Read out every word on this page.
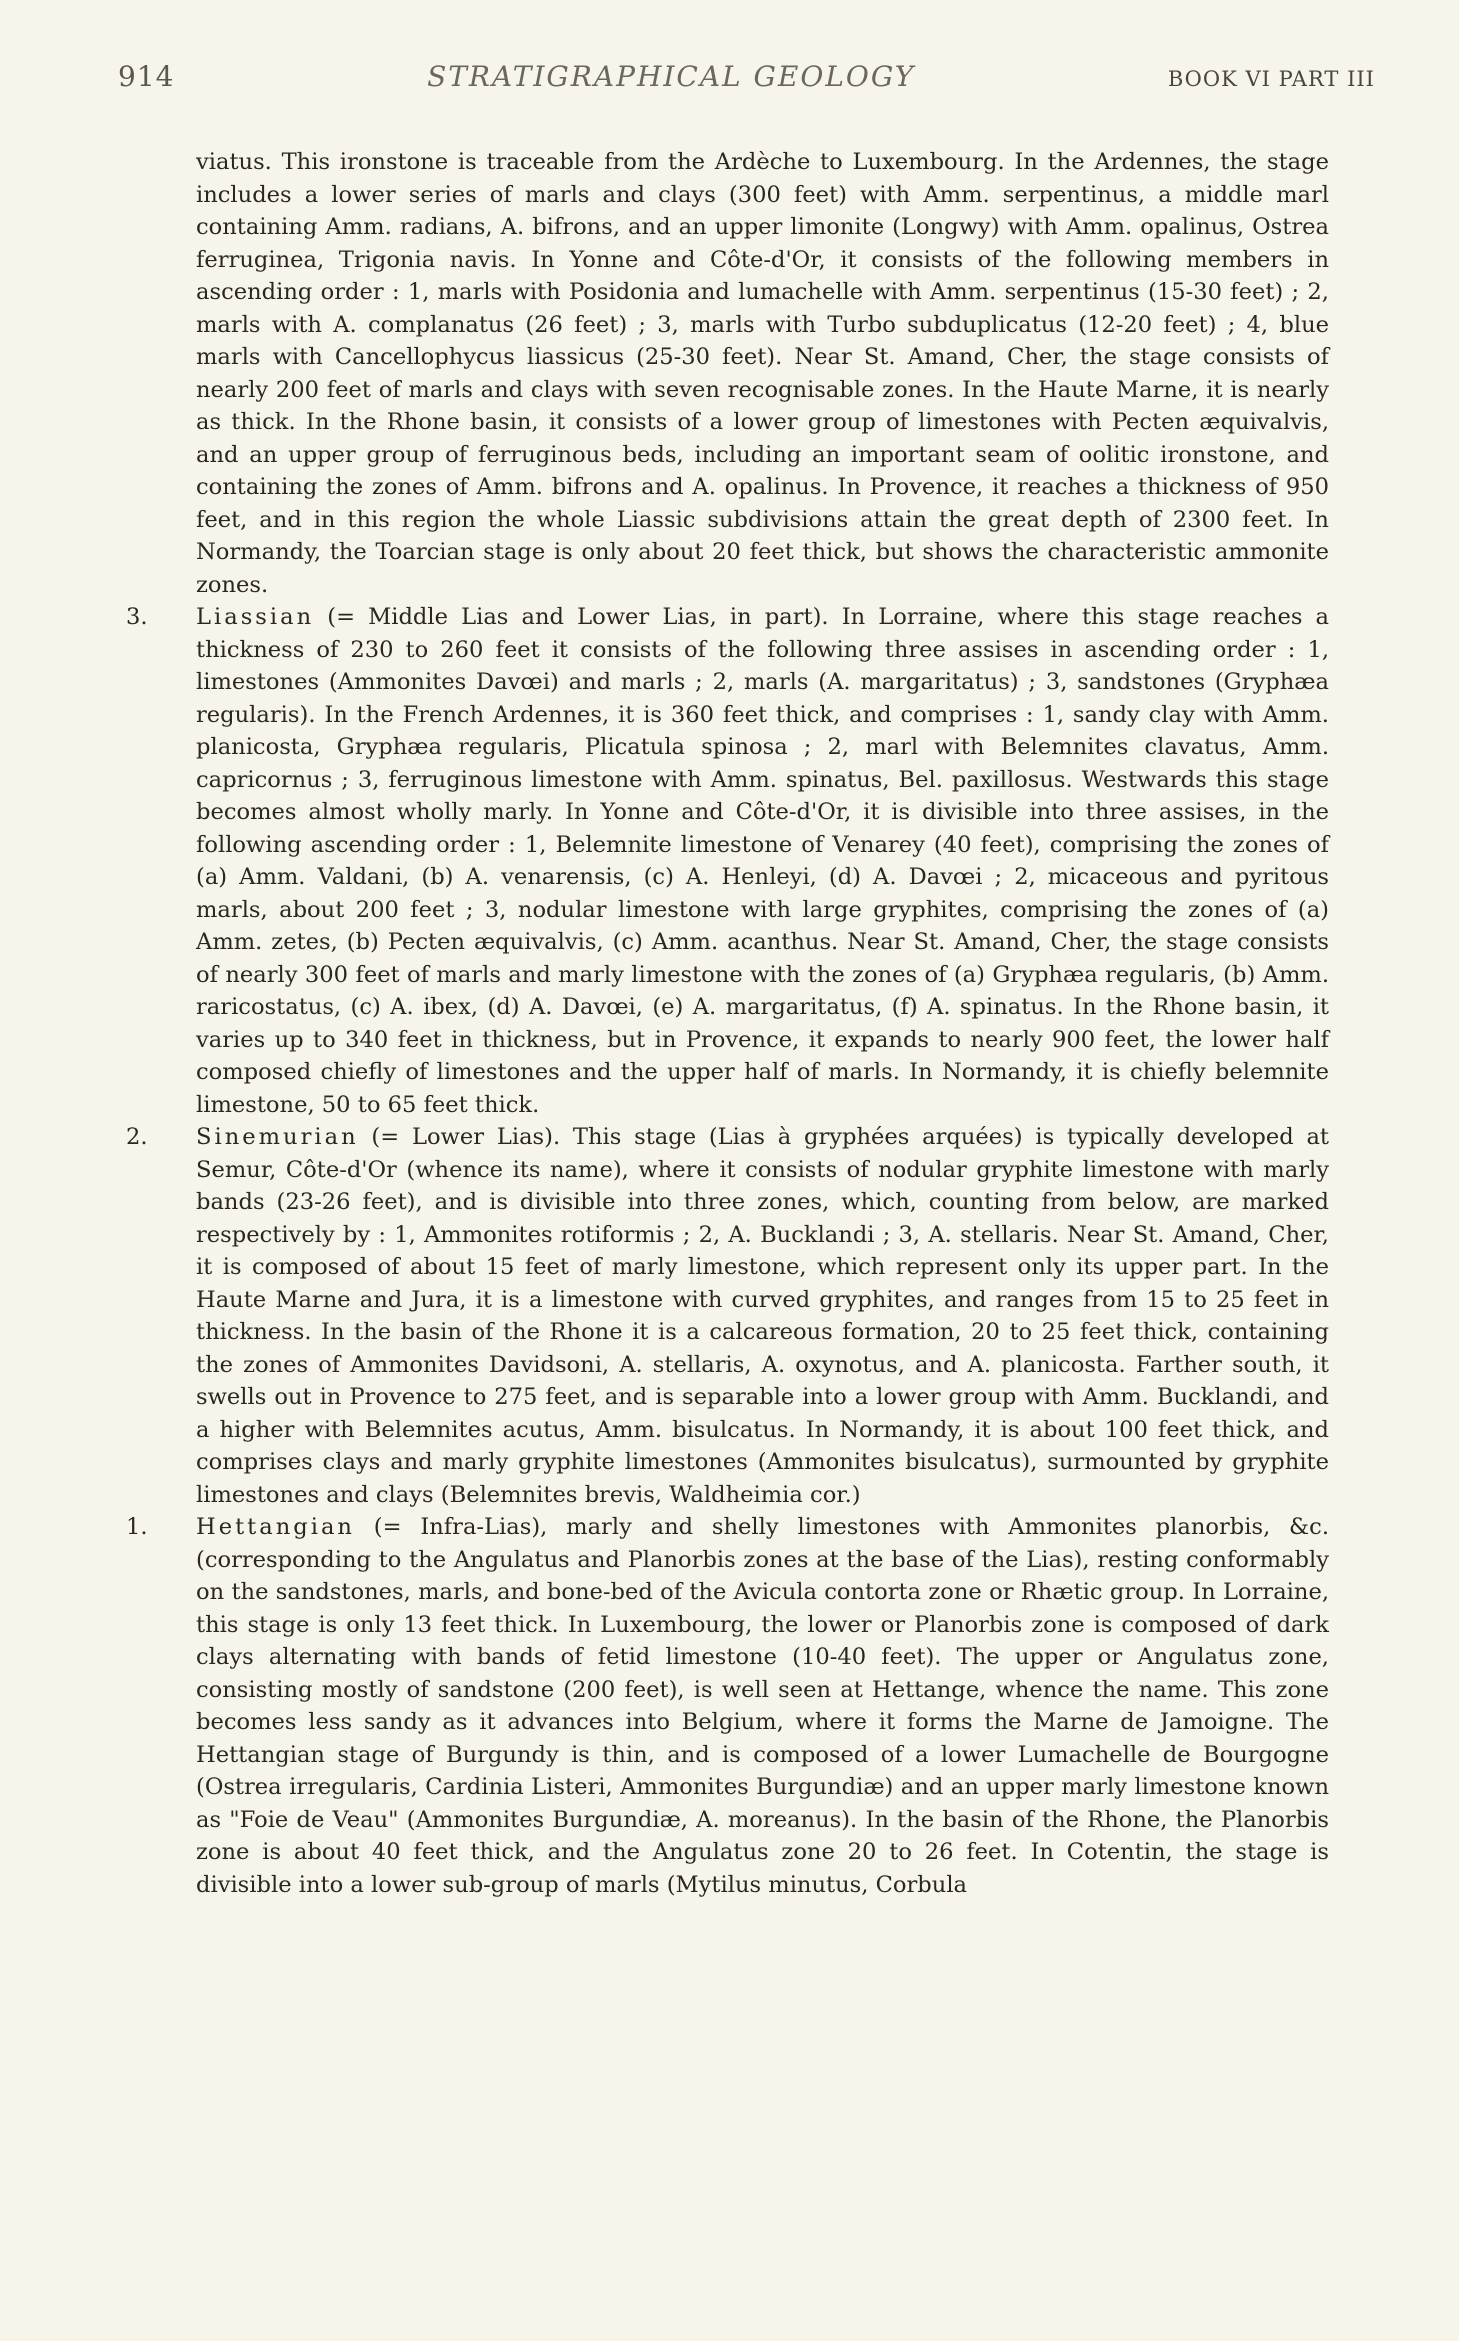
914	STRATIGRAPHICAL GEOLOGY	BOOK VI PART III

viatus. This ironstone is traceable from the Ardèche to Luxembourg. In the Ardennes, the stage includes a lower series of marls and clays (300 feet) with Amm. serpentinus, a middle marl containing Amm. radians, A. bifrons, and an upper limonite (Longwy) with Amm. opalinus, Ostrea ferruginea, Trigonia navis. In Yonne and Côte-d'Or, it consists of the following members in ascending order : 1, marls with Posidonia and lumachelle with Amm. serpentinus (15-30 feet) ; 2, marls with A. complanatus (26 feet) ; 3, marls with Turbo subduplicatus (12-20 feet) ; 4, blue marls with Cancellophycus liassicus (25-30 feet). Near St. Amand, Cher, the stage consists of nearly 200 feet of marls and clays with seven recognisable zones. In the Haute Marne, it is nearly as thick. In the Rhone basin, it consists of a lower group of limestones with Pecten æquivalvis, and an upper group of ferruginous beds, including an important seam of oolitic ironstone, and containing the zones of Amm. bifrons and A. opalinus. In Provence, it reaches a thickness of 950 feet, and in this region the whole Liassic subdivisions attain the great depth of 2300 feet. In Normandy, the Toarcian stage is only about 20 feet thick, but shows the characteristic ammonite zones.

3. Liassian (= Middle Lias and Lower Lias, in part). In Lorraine, where this stage reaches a thickness of 230 to 260 feet it consists of the following three assises in ascending order : 1, limestones (Ammonites Davœi) and marls ; 2, marls (A. margaritatus) ; 3, sandstones (Gryphæa regularis). In the French Ardennes, it is 360 feet thick, and comprises : 1, sandy clay with Amm. planicosta, Gryphæa regularis, Plicatula spinosa ; 2, marl with Belemnites clavatus, Amm. capricornus ; 3, ferruginous limestone with Amm. spinatus, Bel. paxillosus. Westwards this stage becomes almost wholly marly. In Yonne and Côte-d'Or, it is divisible into three assises, in the following ascending order : 1, Belemnite limestone of Venarey (40 feet), comprising the zones of (a) Amm. Valdani, (b) A. venarensis, (c) A. Henleyi, (d) A. Davœi ; 2, micaceous and pyritous marls, about 200 feet ; 3, nodular limestone with large gryphites, comprising the zones of (a) Amm. zetes, (b) Pecten æquivalvis, (c) Amm. acanthus. Near St. Amand, Cher, the stage consists of nearly 300 feet of marls and marly limestone with the zones of (a) Gryphæa regularis, (b) Amm. raricostatus, (c) A. ibex, (d) A. Davœi, (e) A. margaritatus, (f) A. spinatus. In the Rhone basin, it varies up to 340 feet in thickness, but in Provence, it expands to nearly 900 feet, the lower half composed chiefly of limestones and the upper half of marls. In Normandy, it is chiefly belemnite limestone, 50 to 65 feet thick.

2. Sinemurian (= Lower Lias). This stage (Lias à gryphées arquées) is typically developed at Semur, Côte-d'Or (whence its name), where it consists of nodular gryphite limestone with marly bands (23-26 feet), and is divisible into three zones, which, counting from below, are marked respectively by : 1, Ammonites rotiformis ; 2, A. Bucklandi ; 3, A. stellaris. Near St. Amand, Cher, it is composed of about 15 feet of marly limestone, which represent only its upper part. In the Haute Marne and Jura, it is a limestone with curved gryphites, and ranges from 15 to 25 feet in thickness. In the basin of the Rhone it is a calcareous formation, 20 to 25 feet thick, containing the zones of Ammonites Davidsoni, A. stellaris, A. oxynotus, and A. planicosta. Farther south, it swells out in Provence to 275 feet, and is separable into a lower group with Amm. Bucklandi, and a higher with Belemnites acutus, Amm. bisulcatus. In Normandy, it is about 100 feet thick, and comprises clays and marly gryphite limestones (Ammonites bisulcatus), surmounted by gryphite limestones and clays (Belemnites brevis, Waldheimia cor.)

1. Hettangian (= Infra-Lias), marly and shelly limestones with Ammonites planorbis, &c. (corresponding to the Angulatus and Planorbis zones at the base of the Lias), resting conformably on the sandstones, marls, and bone-bed of the Avicula contorta zone or Rhætic group. In Lorraine, this stage is only 13 feet thick. In Luxembourg, the lower or Planorbis zone is composed of dark clays alternating with bands of fetid limestone (10-40 feet). The upper or Angulatus zone, consisting mostly of sandstone (200 feet), is well seen at Hettange, whence the name. This zone becomes less sandy as it advances into Belgium, where it forms the Marne de Jamoigne. The Hettangian stage of Burgundy is thin, and is composed of a lower Lumachelle de Bourgogne (Ostrea irregularis, Cardinia Listeri, Ammonites Burgundiæ) and an upper marly limestone known as "Foie de Veau" (Ammonites Burgundiæ, A. moreanus). In the basin of the Rhone, the Planorbis zone is about 40 feet thick, and the Angulatus zone 20 to 26 feet. In Cotentin, the stage is divisible into a lower sub-group of marls (Mytilus minutus, Corbula
